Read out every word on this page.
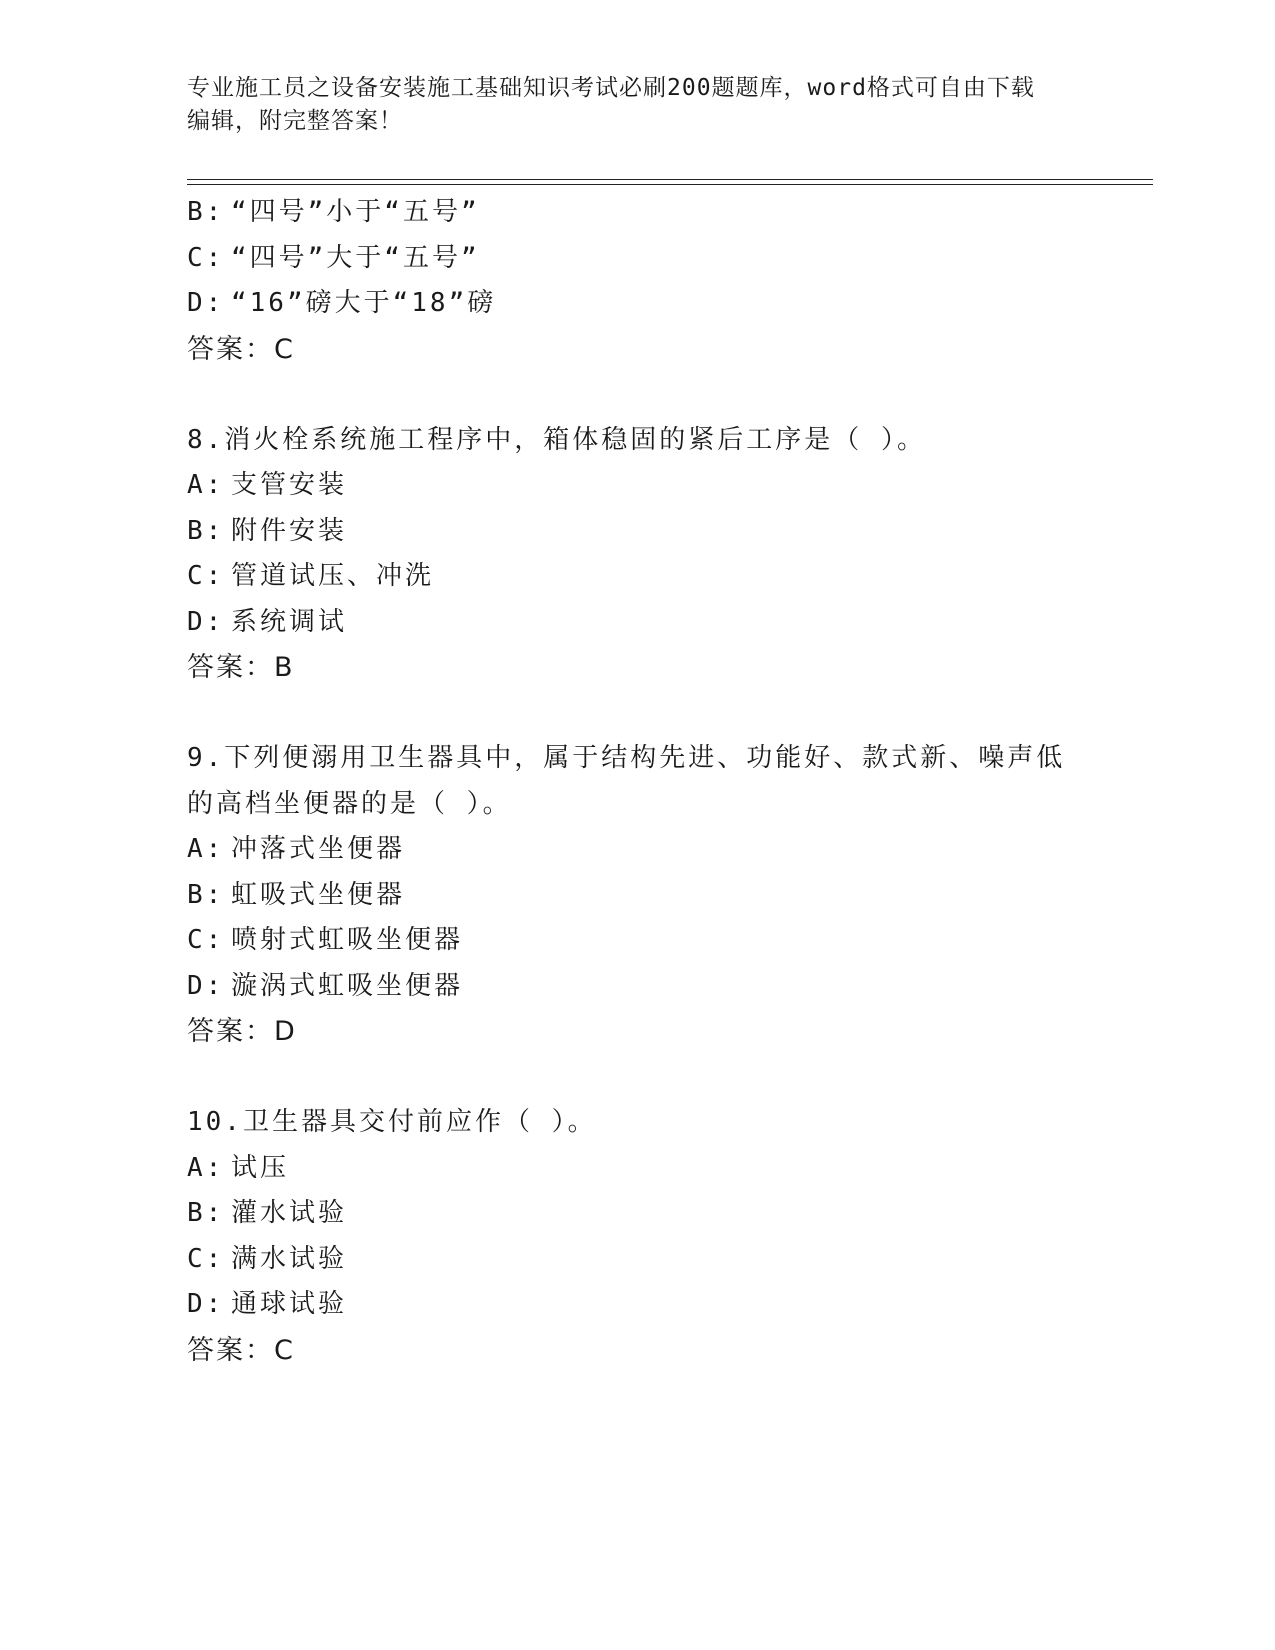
专业施工员之设备安装施工基础知识考试必刷200题题库，word格式可自由下载
编辑，附完整答案！
B: “四号”小于“五号”
C: “四号”大于“五号”
D: “16”磅大于“18”磅
答案：C
8.消火栓系统施工程序中，箱体稳固的紧后工序是（ ）。
A: 支管安装
B: 附件安装
C: 管道试压、冲洗
D: 系统调试
答案：B
9.下列便溺用卫生器具中，属于结构先进、功能好、款式新、噪声低
的高档坐便器的是（ ）。
A: 冲落式坐便器
B: 虹吸式坐便器
C: 喷射式虹吸坐便器
D: 漩涡式虹吸坐便器
答案：D
10.卫生器具交付前应作（ ）。
A: 试压
B: 灌水试验
C: 满水试验
D: 通球试验
答案：C
